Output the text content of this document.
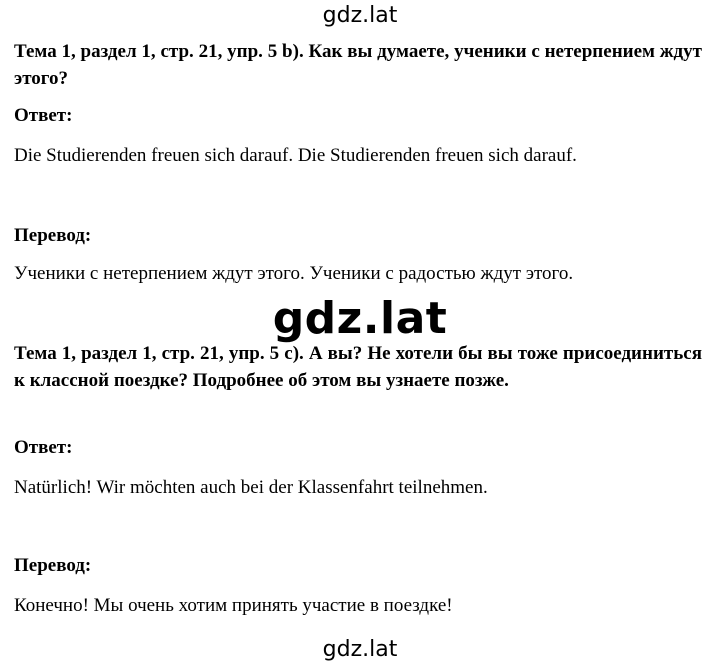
gdz.lat
Тема 1, раздел 1, стр. 21, упр. 5 b). Как вы думаете, ученики с нетерпением ждут этого?
Ответ:
Die Studierenden freuen sich darauf. Die Studierenden freuen sich darauf.
Перевод:
Ученики с нетерпением ждут этого. Ученики с радостью ждут этого.
gdz.lat
Тема 1, раздел 1, стр. 21, упр. 5 c). А вы? Не хотели бы вы тоже присоединиться к классной поездке? Подробнее об этом вы узнаете позже.
Ответ:
Natürlich! Wir möchten auch bei der Klassenfahrt teilnehmen.
Перевод:
Конечно! Мы очень хотим принять участие в поездке!
gdz.lat
